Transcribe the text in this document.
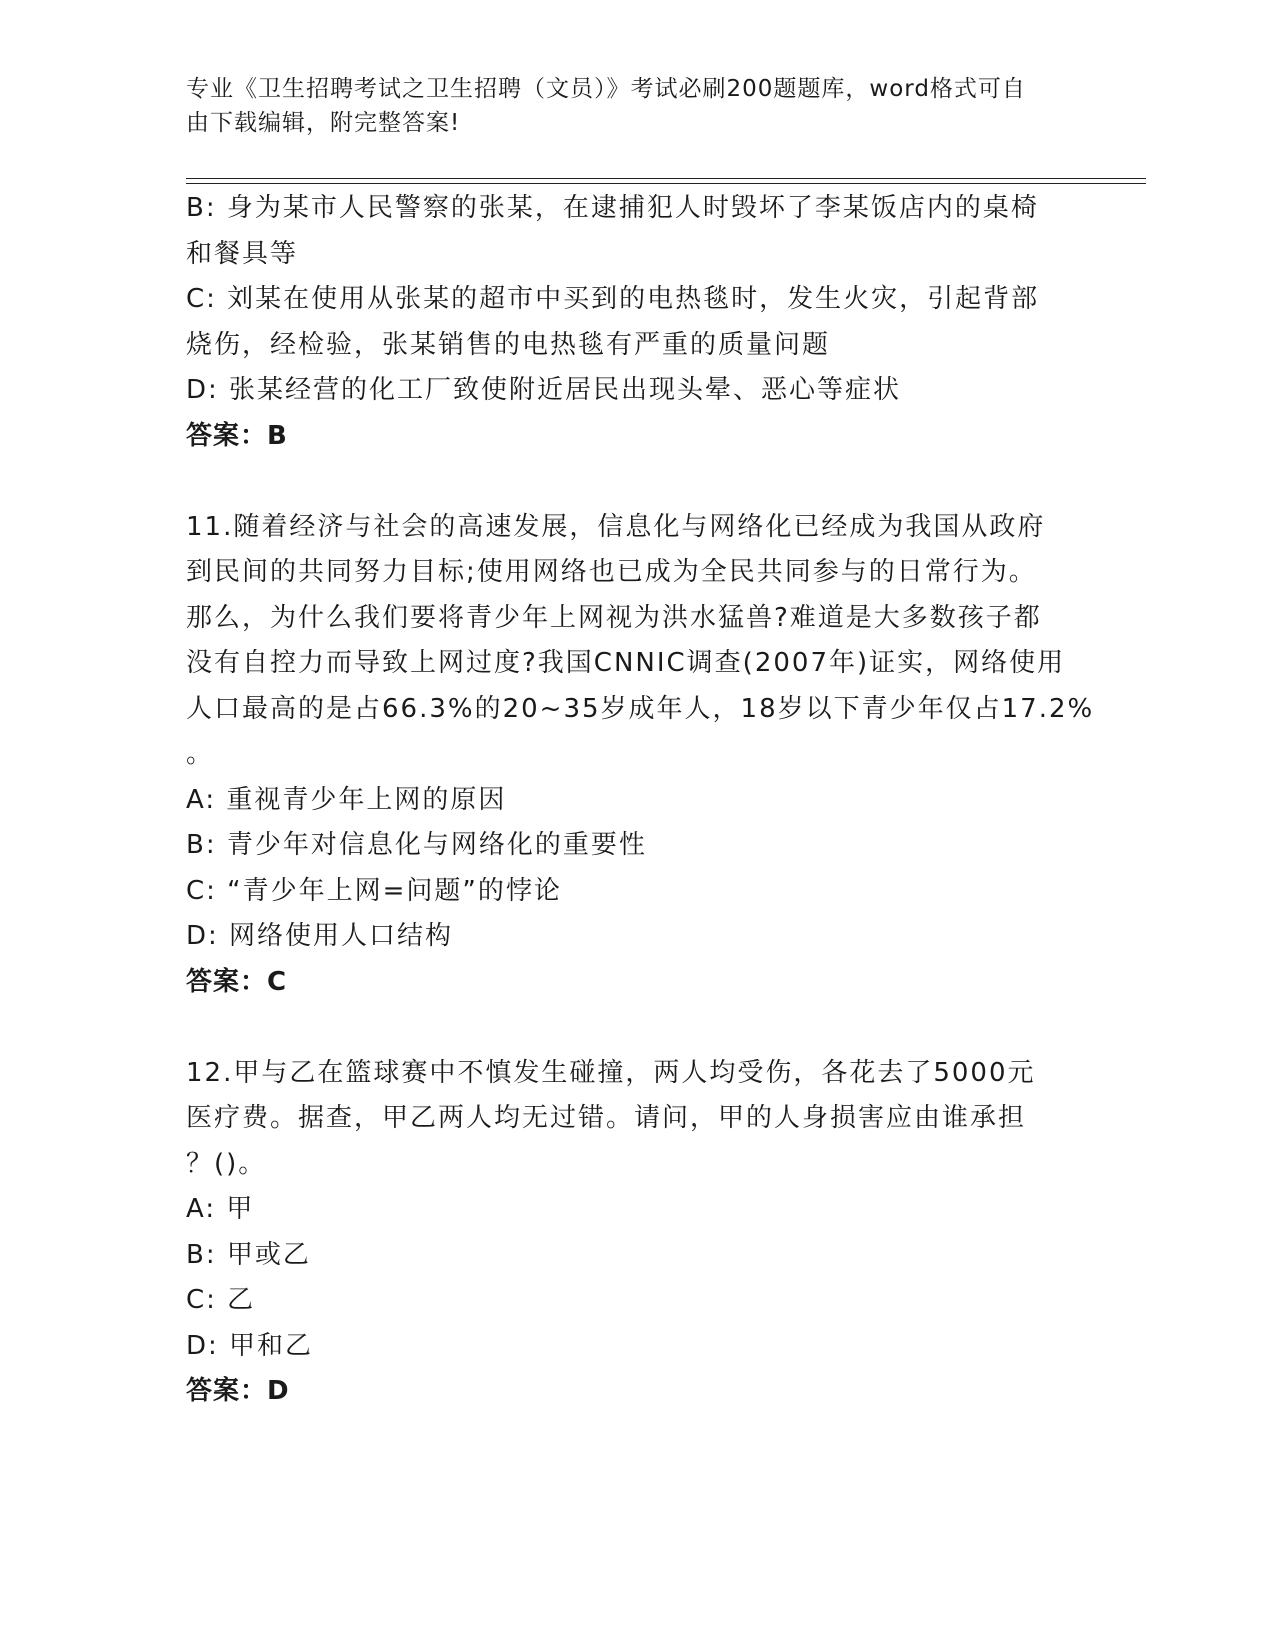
专业《卫生招聘考试之卫生招聘（文员）》考试必刷200题题库，word格式可自
由下载编辑，附完整答案!
B: 身为某市人民警察的张某，在逮捕犯人时毁坏了李某饭店内的桌椅
和餐具等
C: 刘某在使用从张某的超市中买到的电热毯时，发生火灾，引起背部
烧伤，经检验，张某销售的电热毯有严重的质量问题
D: 张某经营的化工厂致使附近居民出现头晕、恶心等症状
答案：B
11.随着经济与社会的高速发展，信息化与网络化已经成为我国从政府
到民间的共同努力目标;使用网络也已成为全民共同参与的日常行为。
那么，为什么我们要将青少年上网视为洪水猛兽?难道是大多数孩子都
没有自控力而导致上网过度?我国CNNIC调查(2007年)证实，网络使用
人口最高的是占66.3%的20~35岁成年人，18岁以下青少年仅占17.2%
。
A: 重视青少年上网的原因
B: 青少年对信息化与网络化的重要性
C: “青少年上网=问题”的悖论
D: 网络使用人口结构
答案：C
12.甲与乙在篮球赛中不慎发生碰撞，两人均受伤，各花去了5000元
医疗费。据查，甲乙两人均无过错。请问，甲的人身损害应由谁承担
？()。
A: 甲
B: 甲或乙
C: 乙
D: 甲和乙
答案：D
